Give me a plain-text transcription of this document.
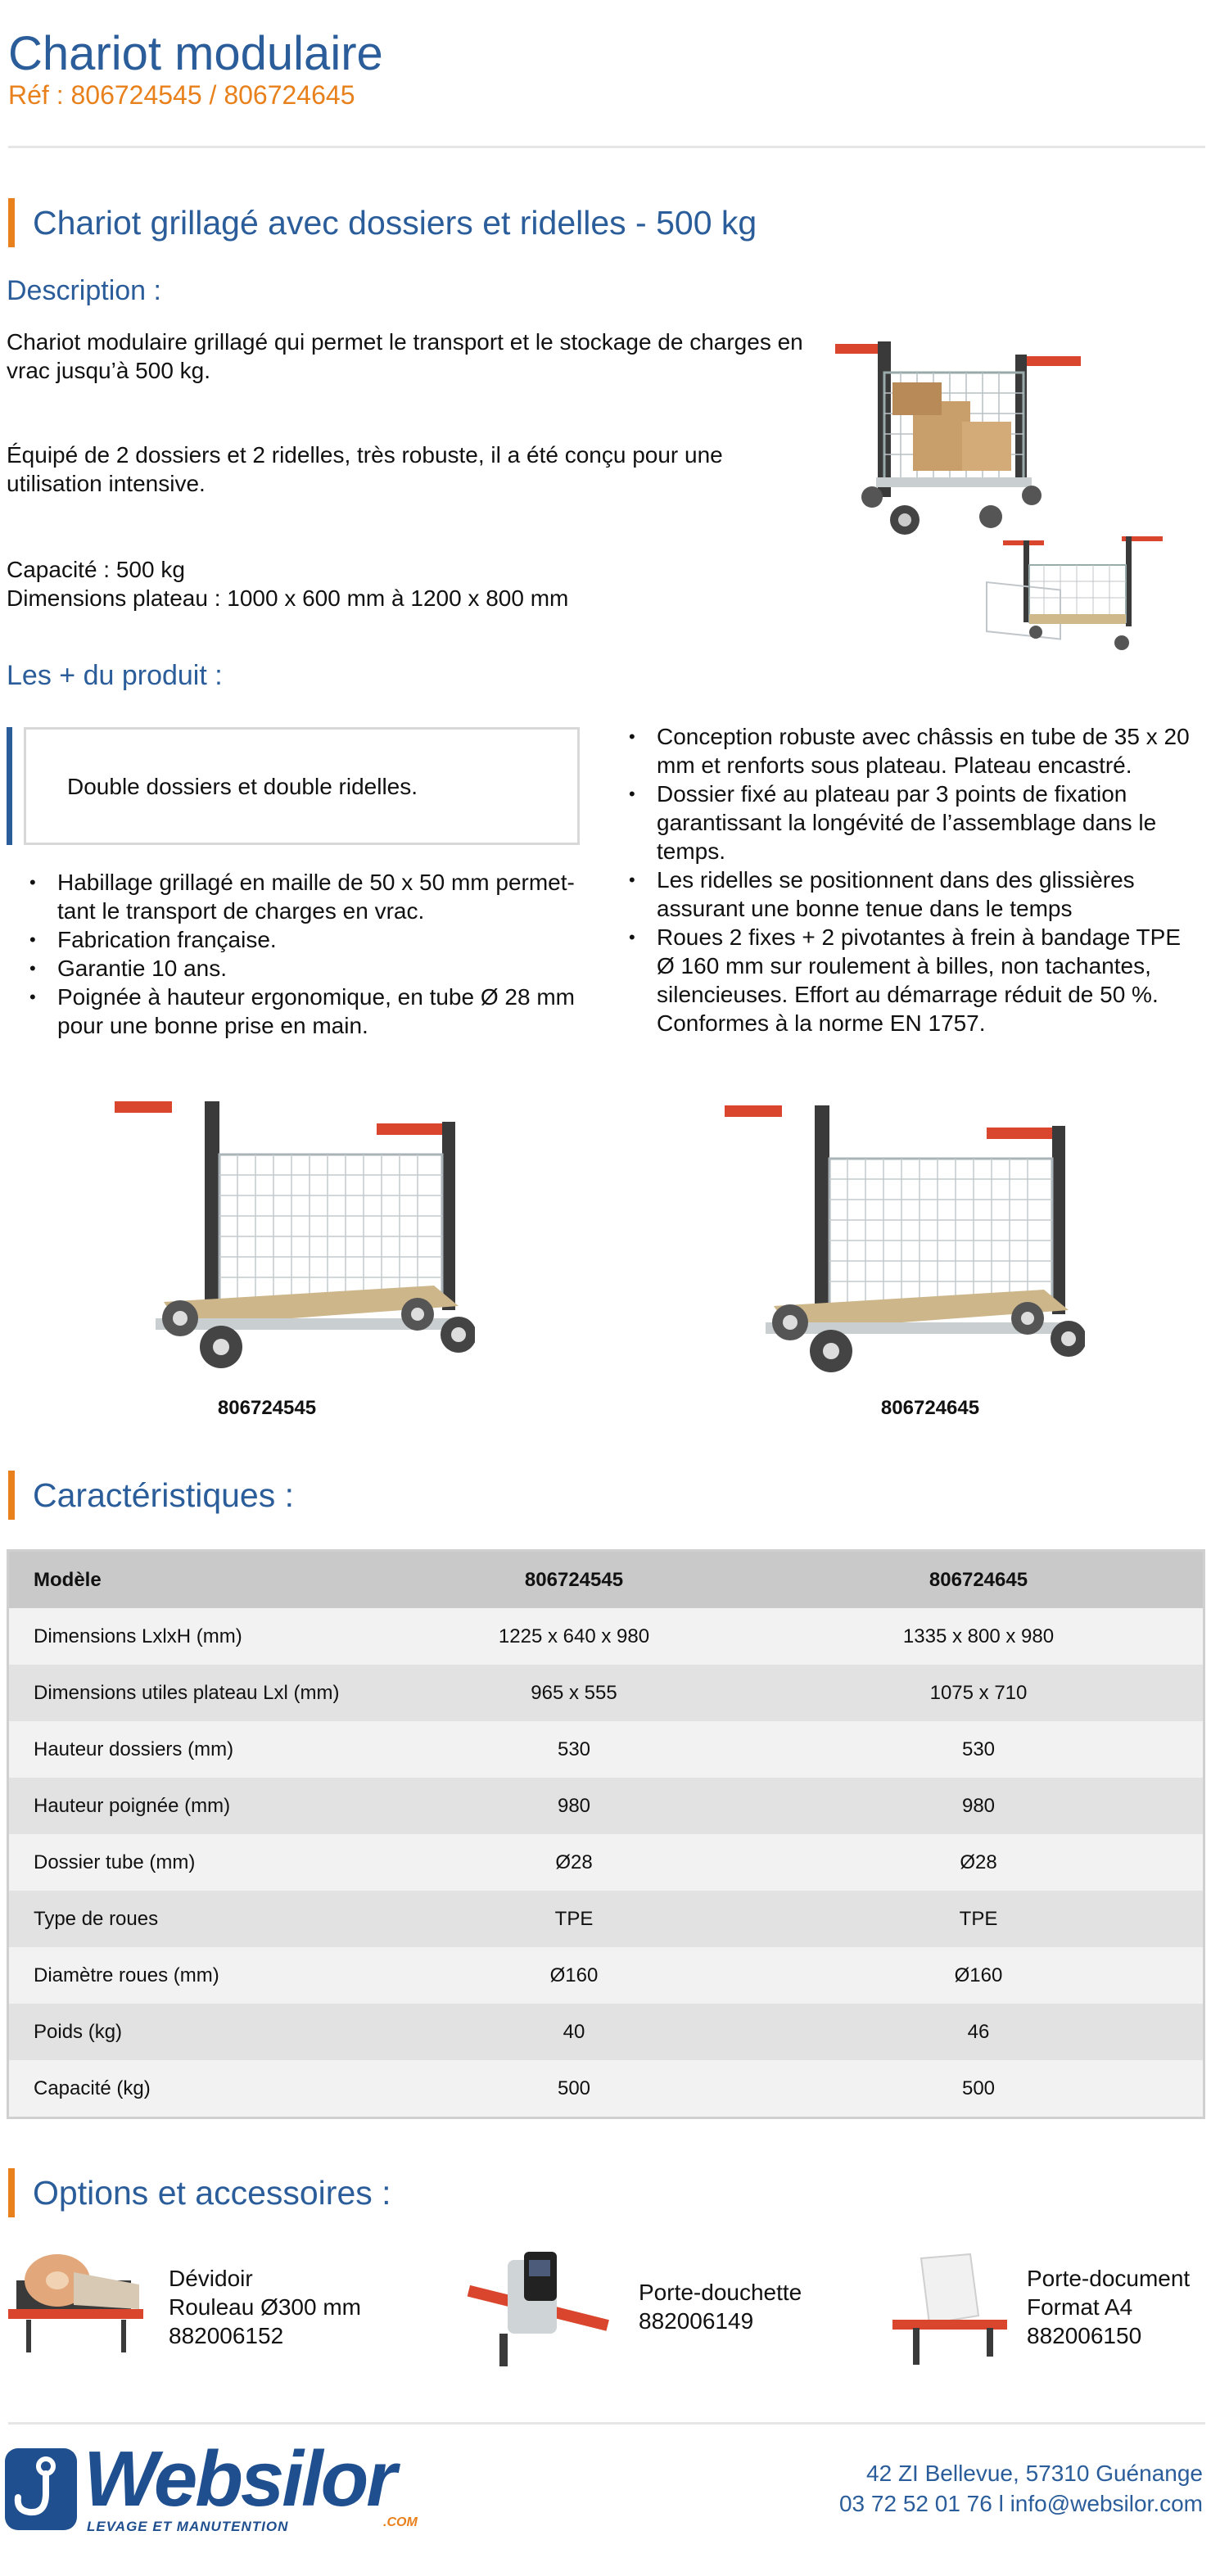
Chariot modulaire
Réf : 806724545 / 806724645
Chariot grillagé avec dossiers et ridelles - 500 kg
Description :
Chariot modulaire grillagé qui permet le transport et le stockage de charges en vrac jusqu’à 500 kg.
Équipé de 2 dossiers et 2 ridelles, très robuste, il a été conçu pour une utilisation intensive.
Capacité : 500 kg
Dimensions plateau : 1000 x 600 mm à 1200 x 800 mm
Les + du produit :
Double dossiers et double ridelles.
• Habillage grillagé en maille de 50 x 50 mm permet-tant le transport de charges en vrac.
• Fabrication française.
• Garantie 10 ans.
• Poignée à hauteur ergonomique, en tube Ø 28 mm pour une bonne prise en main.
• Conception robuste avec châssis en tube de 35 x 20 mm et renforts sous plateau. Plateau encastré.
• Dossier fixé au plateau par 3 points de fixation garantissant la longévité de l’assemblage dans le temps.
• Les ridelles se positionnent dans des glissières assurant une bonne tenue dans le temps
• Roues 2 fixes + 2 pivotantes à frein à bandage TPE Ø 160 mm sur roulement à billes, non tachantes, silencieuses. Effort au démarrage réduit de 50 %. Conformes à la norme EN 1757.
806724545	806724645
Caractéristiques :
Modèle	806724545	806724645
Dimensions LxlxH (mm)	1225 x 640 x 980	1335 x 800 x 980
Dimensions utiles plateau Lxl (mm)	965 x 555	1075 x 710
Hauteur dossiers (mm)	530	530
Hauteur poignée (mm)	980	980
Dossier tube (mm)	Ø28	Ø28
Type de roues	TPE	TPE
Diamètre roues (mm)	Ø160	Ø160
Poids (kg)	40	46
Capacité (kg)	500	500
Options et accessoires :
Dévidoir
Rouleau Ø300 mm
882006152
Porte-douchette
882006149
Porte-document
Format A4
882006150
Websilor
LEVAGE ET MANUTENTION	.COM
42 ZI Bellevue, 57310 Guénange
03 72 52 01 76 l info@websilor.com
